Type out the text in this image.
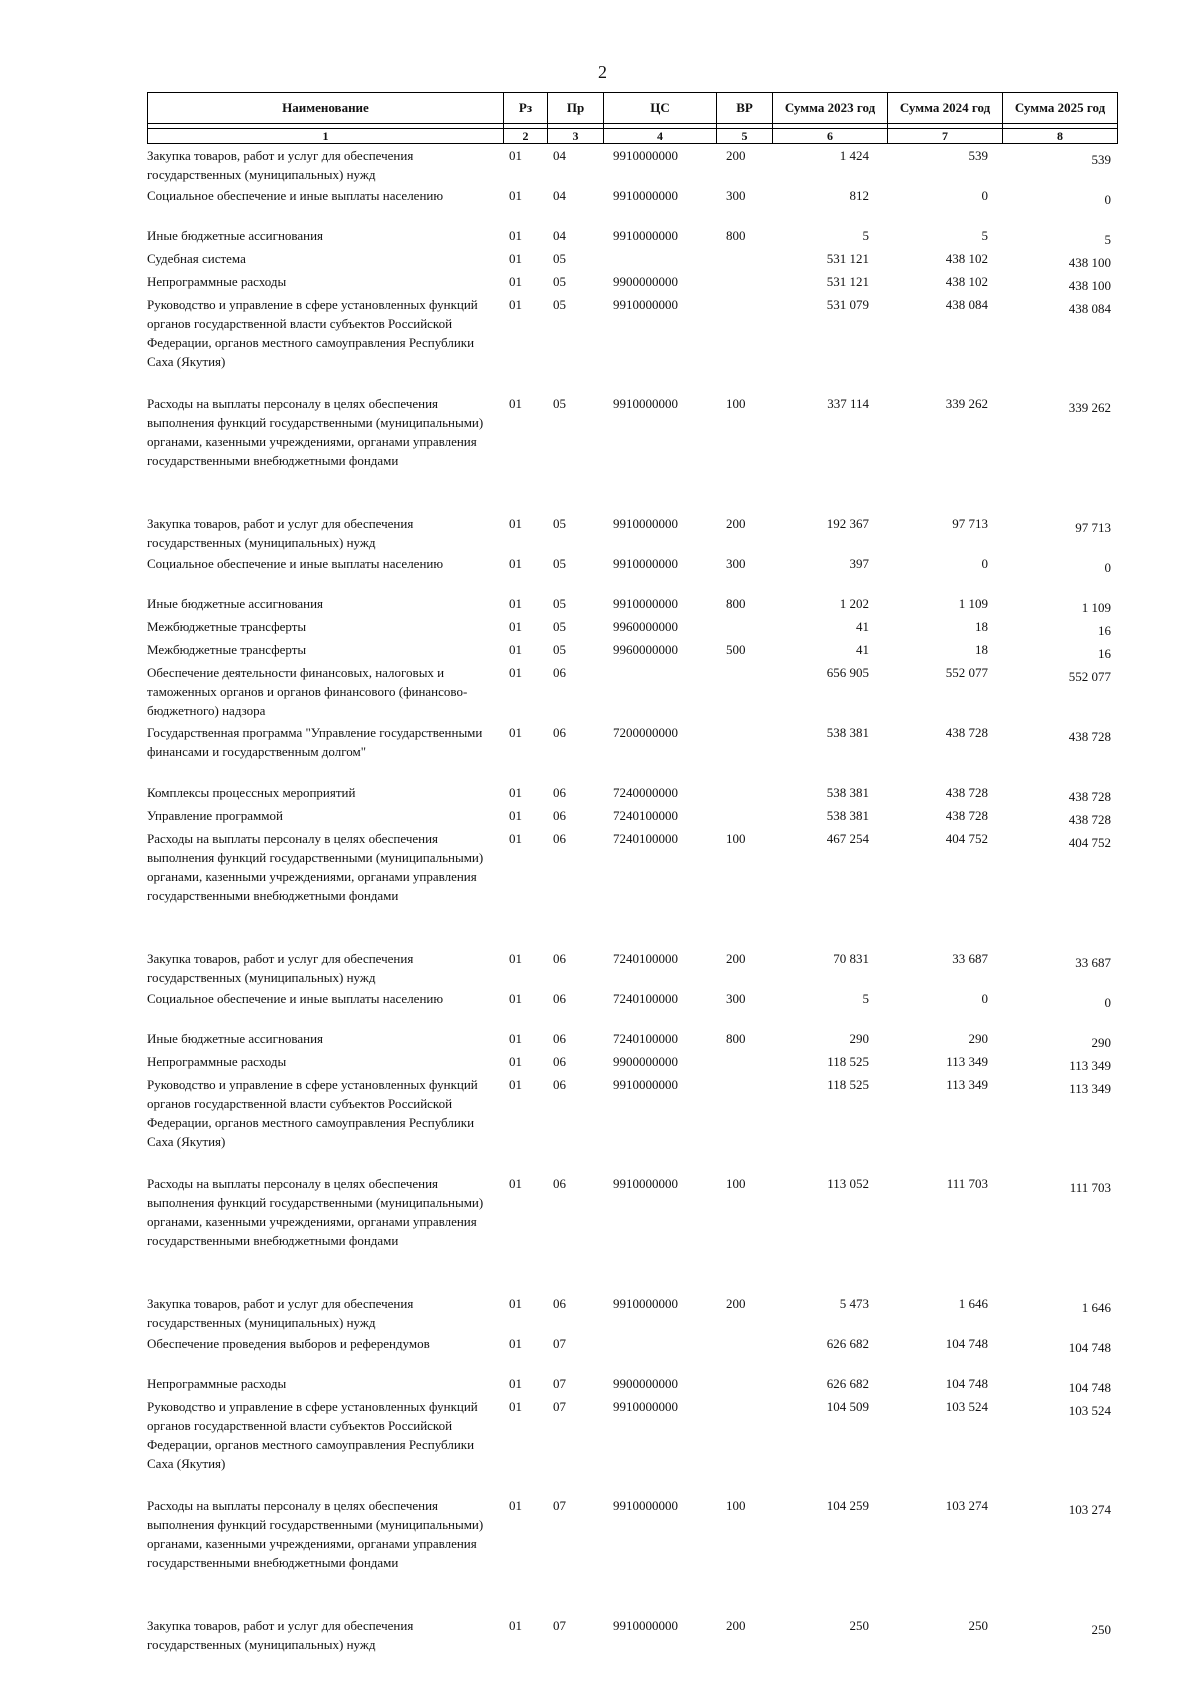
2
Наименование	Рз	Пр	ЦС	ВР	Сумма 2023 год	Сумма 2024 год	Сумма 2025 год

1	2	3	4	5	6	7	8
Закупка товаров, работ и услуг для обеспечения государственных (муниципальных) нужд	01	04	9910000000	200	1 424	539	539
Социальное обеспечение и иные выплаты населению	01	04	9910000000	300	812	0	0
Иные бюджетные ассигнования	01	04	9910000000	800	5	5	5
Судебная система	01	05			531 121	438 102	438 100
Непрограммные расходы	01	05	9900000000		531 121	438 102	438 100
Руководство и управление в сфере установленных функций органов государственной власти субъектов Российской Федерации, органов местного самоуправления Республики Саха (Якутия)	01	05	9910000000		531 079	438 084	438 084
Расходы на выплаты персоналу в целях обеспечения выполнения функций государственными (муниципальными) органами, казенными учреждениями, органами управления государственными внебюджетными фондами	01	05	9910000000	100	337 114	339 262	339 262
Закупка товаров, работ и услуг для обеспечения государственных (муниципальных) нужд	01	05	9910000000	200	192 367	97 713	97 713
Социальное обеспечение и иные выплаты населению	01	05	9910000000	300	397	0	0
Иные бюджетные ассигнования	01	05	9910000000	800	1 202	1 109	1 109
Межбюджетные трансферты	01	05	9960000000		41	18	16
Межбюджетные трансферты	01	05	9960000000	500	41	18	16
Обеспечение деятельности финансовых, налоговых и таможенных органов и органов финансового (финансово-бюджетного) надзора	01	06			656 905	552 077	552 077
Государственная программа "Управление государственными финансами и государственным долгом"	01	06	7200000000		538 381	438 728	438 728
Комплексы процессных мероприятий	01	06	7240000000		538 381	438 728	438 728
Управление программой	01	06	7240100000		538 381	438 728	438 728
Расходы на выплаты персоналу в целях обеспечения выполнения функций государственными (муниципальными) органами, казенными учреждениями, органами управления государственными внебюджетными фондами	01	06	7240100000	100	467 254	404 752	404 752
Закупка товаров, работ и услуг для обеспечения государственных (муниципальных) нужд	01	06	7240100000	200	70 831	33 687	33 687
Социальное обеспечение и иные выплаты населению	01	06	7240100000	300	5	0	0
Иные бюджетные ассигнования	01	06	7240100000	800	290	290	290
Непрограммные расходы	01	06	9900000000		118 525	113 349	113 349
Руководство и управление в сфере установленных функций органов государственной власти субъектов Российской Федерации, органов местного самоуправления Республики Саха (Якутия)	01	06	9910000000		118 525	113 349	113 349
Расходы на выплаты персоналу в целях обеспечения выполнения функций государственными (муниципальными) органами, казенными учреждениями, органами управления государственными внебюджетными фондами	01	06	9910000000	100	113 052	111 703	111 703
Закупка товаров, работ и услуг для обеспечения государственных (муниципальных) нужд	01	06	9910000000	200	5 473	1 646	1 646
Обеспечение проведения выборов и референдумов	01	07			626 682	104 748	104 748
Непрограммные расходы	01	07	9900000000		626 682	104 748	104 748
Руководство и управление в сфере установленных функций органов государственной власти субъектов Российской Федерации, органов местного самоуправления Республики Саха (Якутия)	01	07	9910000000		104 509	103 524	103 524
Расходы на выплаты персоналу в целях обеспечения выполнения функций государственными (муниципальными) органами, казенными учреждениями, органами управления государственными внебюджетными фондами	01	07	9910000000	100	104 259	103 274	103 274
Закупка товаров, работ и услуг для обеспечения государственных (муниципальных) нужд	01	07	9910000000	200	250	250	250
